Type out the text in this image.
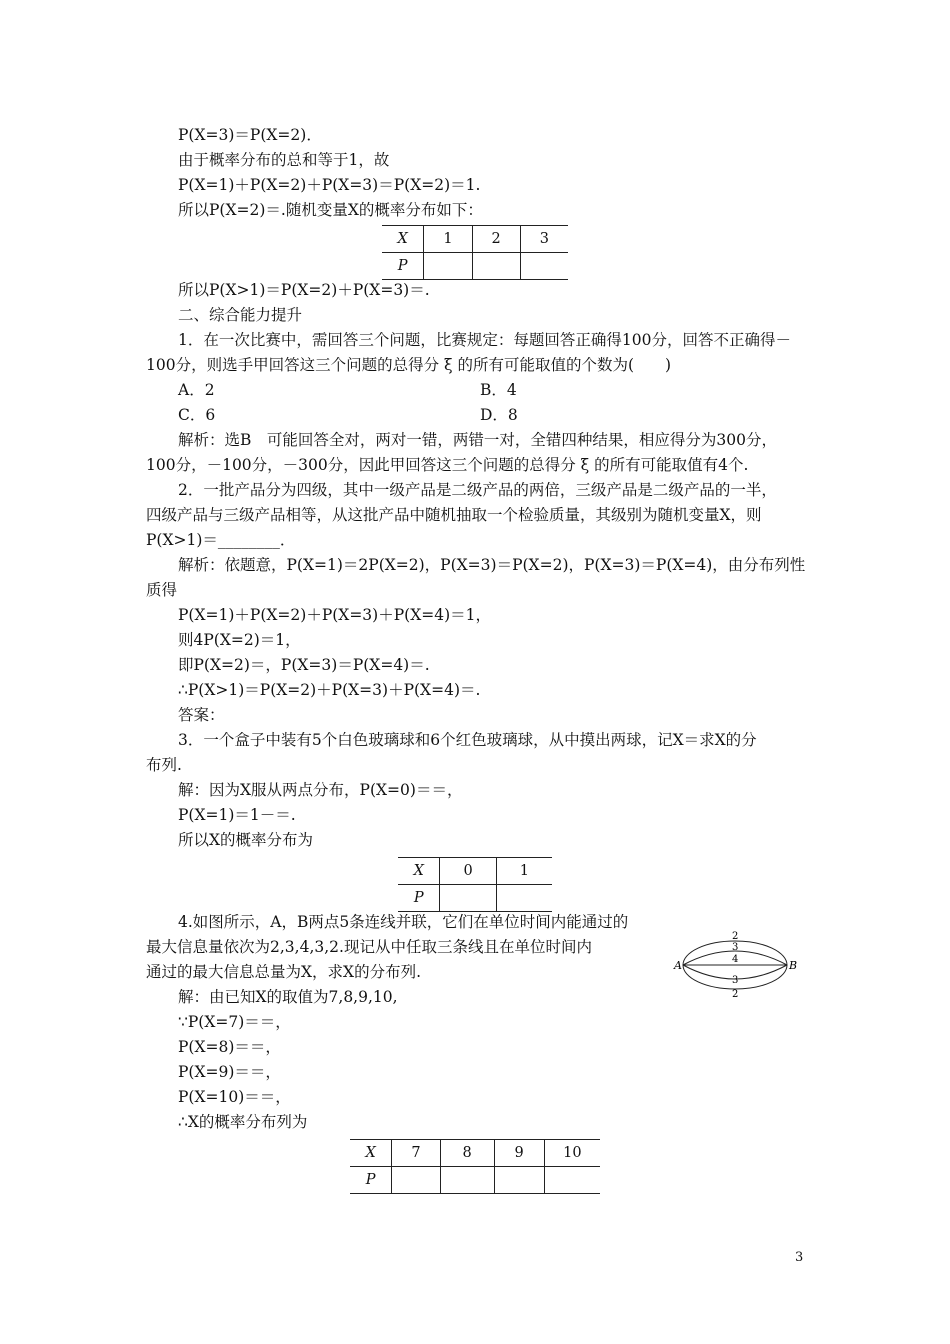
P(X=3)＝P(X=2)．
由于概率分布的总和等于1，故
P(X=1)＋P(X=2)＋P(X=3)＝P(X=2)＝1.
所以P(X=2)＝.随机变量X的概率分布如下：
X	1	2	3
P			
所以P(X>1)＝P(X=2)＋P(X=3)＝.
二、综合能力提升
1．在一次比赛中，需回答三个问题，比赛规定：每题回答正确得100分，回答不正确得－
100分，则选手甲回答这三个问题的总得分 ξ 的所有可能取值的个数为(　　)
A．2	B．4
C．6	D．8
解析：选B　可能回答全对，两对一错，两错一对，全错四种结果，相应得分为300分，
100分，－100分，－300分，因此甲回答这三个问题的总得分 ξ 的所有可能取值有4个.
2．一批产品分为四级，其中一级产品是二级产品的两倍，三级产品是二级产品的一半，
四级产品与三级产品相等，从这批产品中随机抽取一个检验质量，其级别为随机变量X，则
P(X>1)＝________．
解析：依题意，P(X=1)＝2P(X=2)，P(X=3)＝P(X=2)，P(X=3)＝P(X=4)，由分布列性
质得
P(X=1)＋P(X=2)＋P(X=3)＋P(X=4)＝1，
则4P(X=2)＝1，
即P(X=2)＝，P(X=3)＝P(X=4)＝.
∴P(X>1)＝P(X=2)＋P(X=3)＋P(X=4)＝.
答案：
3．一个盒子中装有5个白色玻璃球和6个红色玻璃球，从中摸出两球，记X＝求X的分
布列.
解：因为X服从两点分布，P(X=0)＝＝，
P(X=1)＝1－＝.
所以X的概率分布为
X	0	1
P		
4.如图所示，A，B两点5条连线并联，它们在单位时间内能通过的
最大信息量依次为2,3,4,3,2.现记从中任取三条线且在单位时间内
通过的最大信息总量为X，求X的分布列.
解：由已知X的取值为7,8,9,10,
∵P(X=7)＝＝，
P(X=8)＝＝，
P(X=9)＝＝，
P(X=10)＝＝，
∴X的概率分布列为
X	7	8	9	10
P				
A	B
2
3
4
3
2
3
